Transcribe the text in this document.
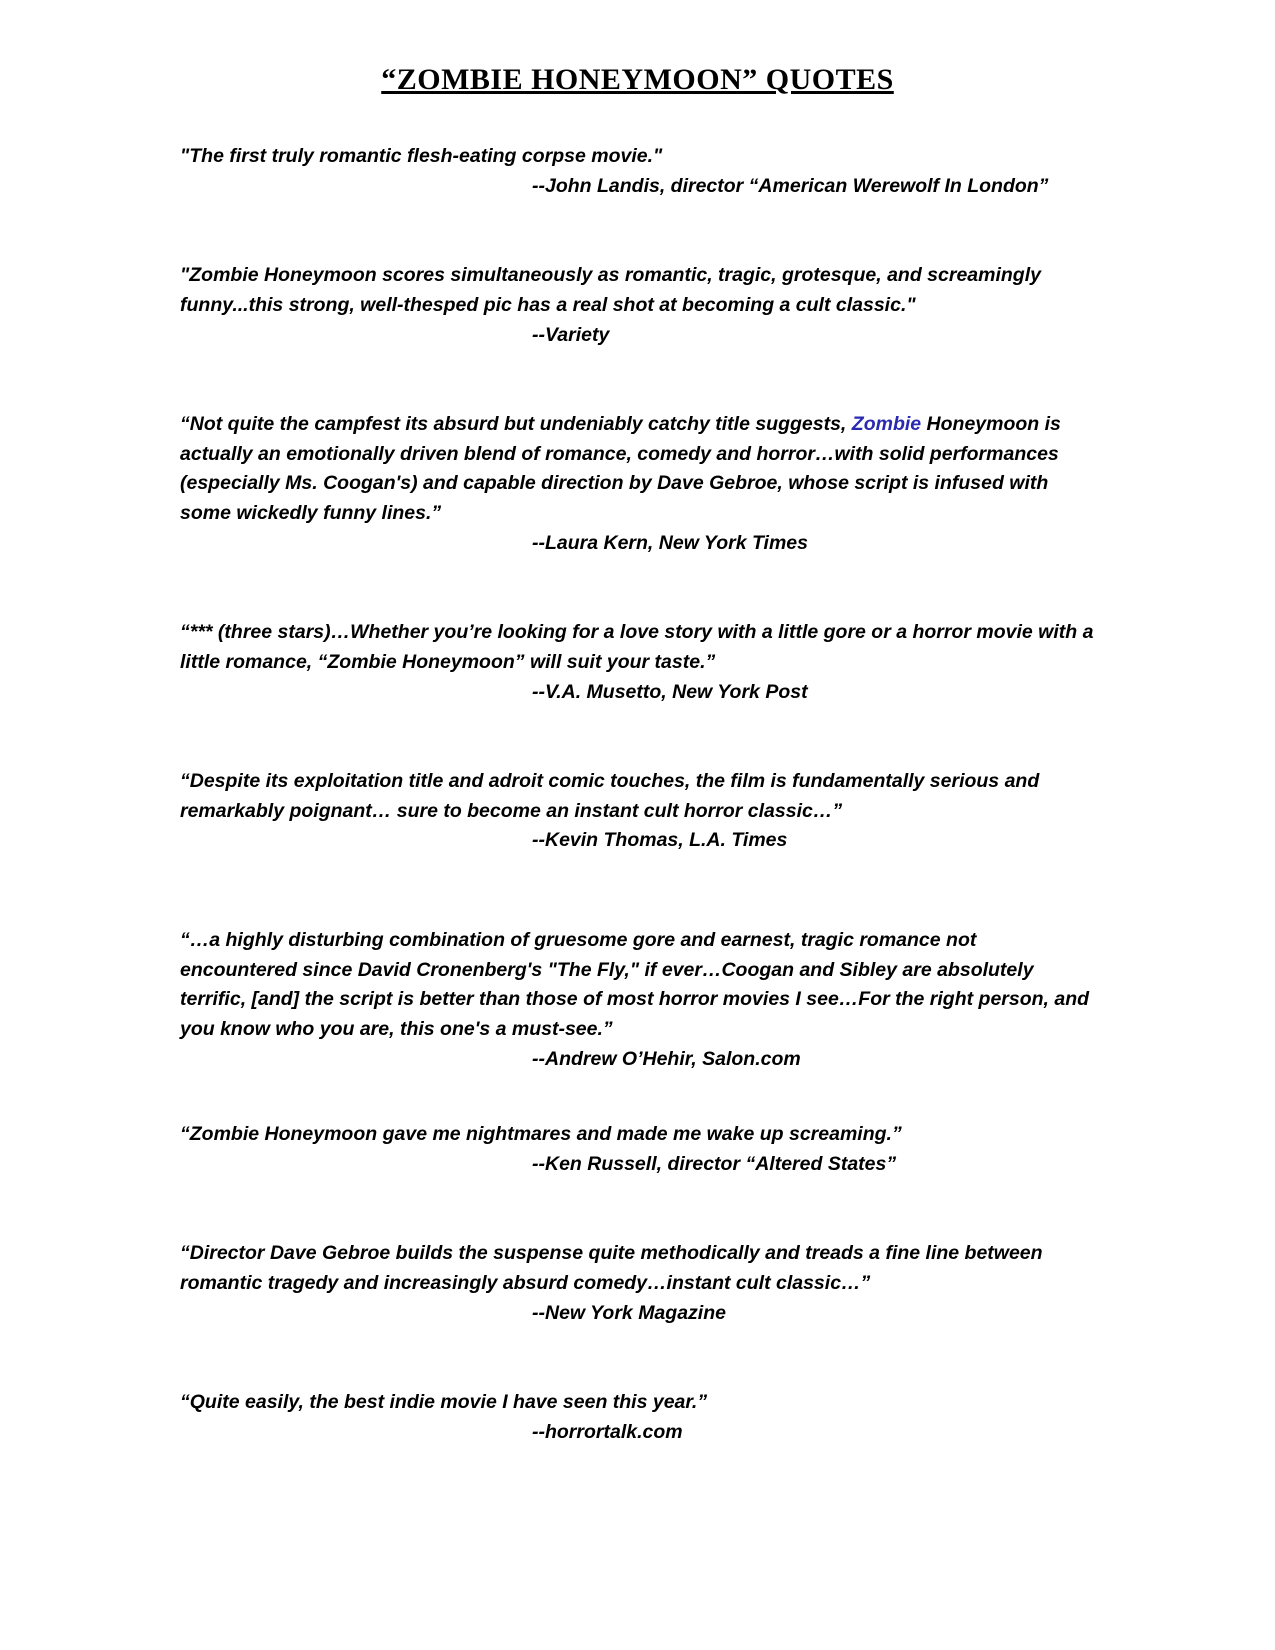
“ZOMBIE HONEYMOON” QUOTES

"The first truly romantic flesh-eating corpse movie."

--John Landis, director “American Werewolf In London”

"Zombie Honeymoon scores simultaneously as romantic, tragic, grotesque, and screamingly funny...this strong, well-thesped pic has a real shot at becoming a cult classic."

--Variety

“Not quite the campfest its absurd but undeniably catchy title suggests, Zombie Honeymoon is actually an emotionally driven blend of romance, comedy and horror…with solid performances (especially Ms. Coogan's) and capable direction by Dave Gebroe, whose script is infused with some wickedly funny lines.”

--Laura Kern, New York Times

“*** (three stars)…Whether you’re looking for a love story with a little gore or a horror movie with a little romance, “Zombie Honeymoon” will suit your taste.”

--V.A. Musetto, New York Post

“Despite its exploitation title and adroit comic touches, the film is fundamentally serious and remarkably poignant… sure to become an instant cult horror classic…”

--Kevin Thomas, L.A. Times

“…a highly disturbing combination of gruesome gore and earnest, tragic romance not encountered since David Cronenberg's "The Fly," if ever…Coogan and Sibley are absolutely terrific, [and] the script is better than those of most horror movies I see…For the right person, and you know who you are, this one's a must-see.”

--Andrew O’Hehir, Salon.com

“Zombie Honeymoon gave me nightmares and made me wake up screaming.”

--Ken Russell, director “Altered States”

“Director Dave Gebroe builds the suspense quite methodically and treads a fine line between romantic tragedy and increasingly absurd comedy…instant cult classic…”

--New York Magazine

“Quite easily, the best indie movie I have seen this year.”

--horrortalk.com
